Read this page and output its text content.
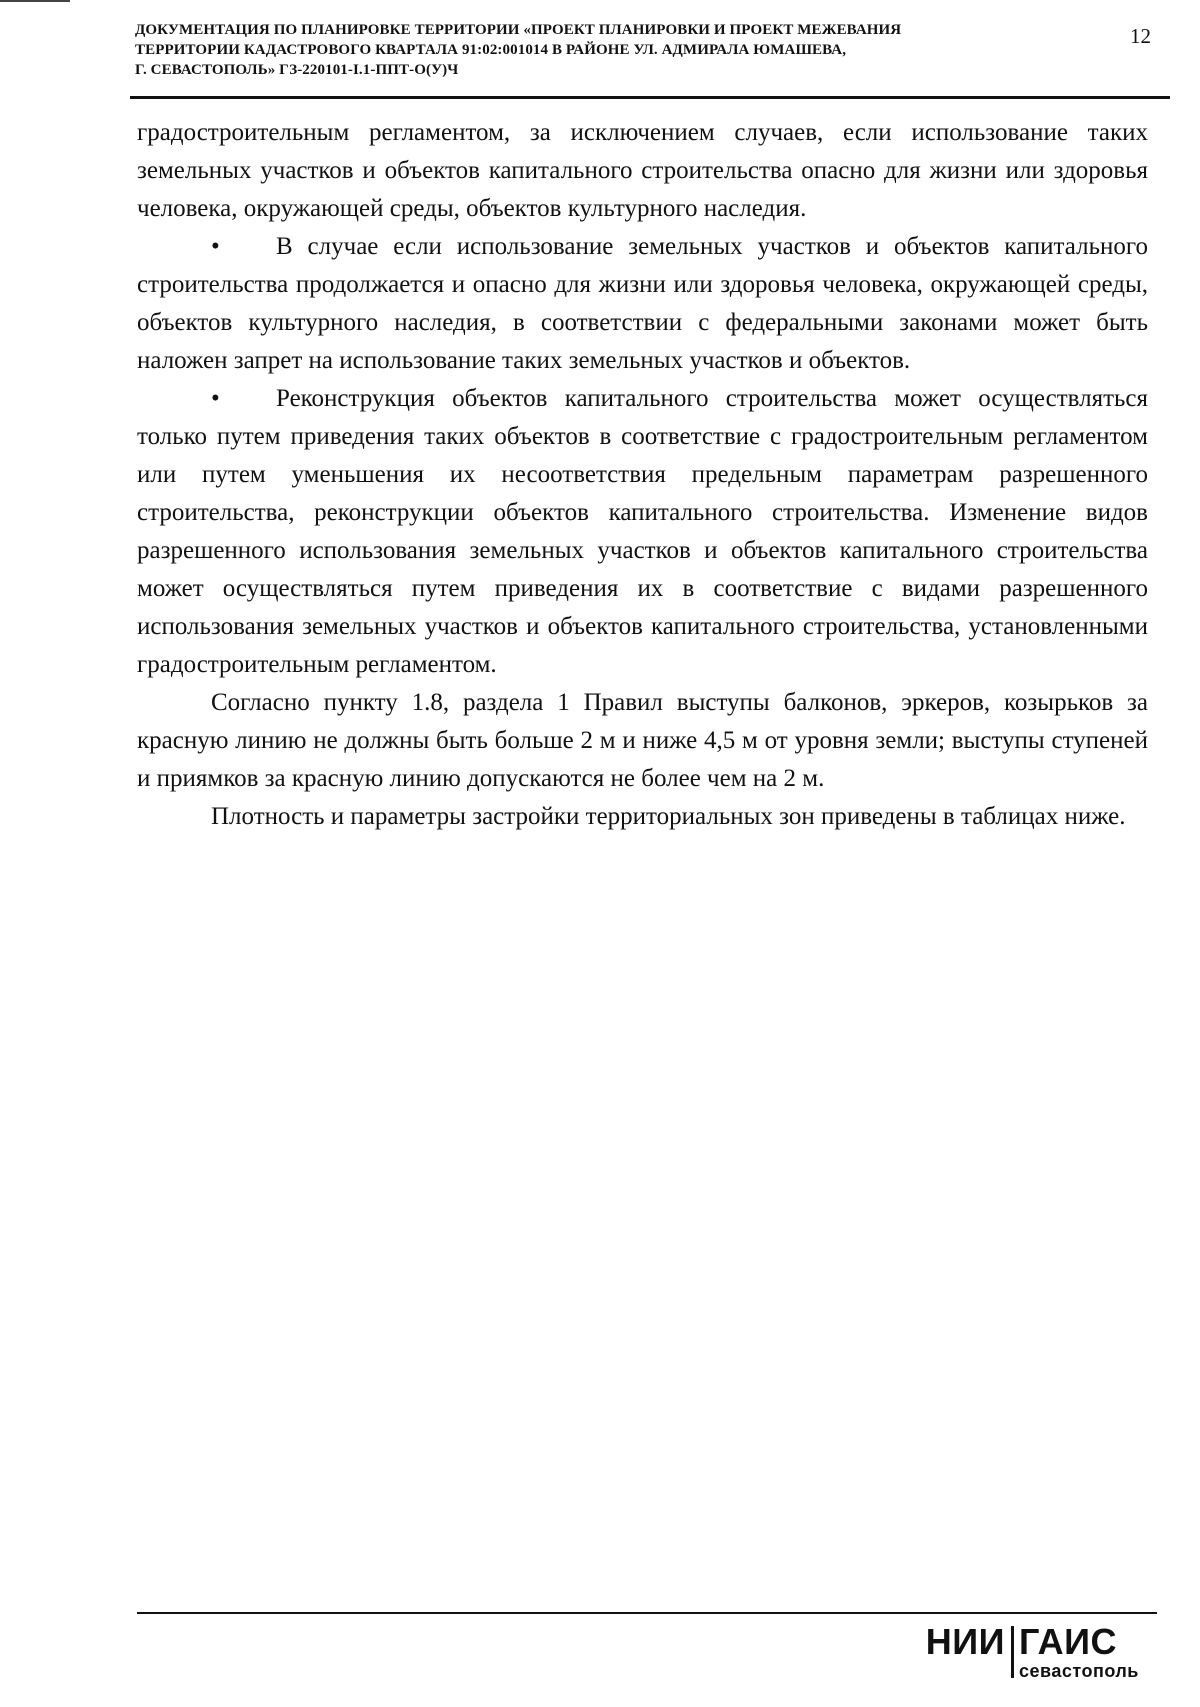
ДОКУМЕНТАЦИЯ ПО ПЛАНИРОВКЕ ТЕРРИТОРИИ «ПРОЕКТ ПЛАНИРОВКИ И ПРОЕКТ МЕЖЕВАНИЯ
ТЕРРИТОРИИ КАДАСТРОВОГО КВАРТАЛА 91:02:001014 В РАЙОНЕ УЛ. АДМИРАЛА ЮМАШЕВА,
Г. СЕВАСТОПОЛЬ» ГЗ-220101-I.1-ППТ-О(У)Ч
12

градостроительным регламентом, за исключением случаев, если использование таких земельных участков и объектов капитального строительства опасно для жизни или здоровья человека, окружающей среды, объектов культурного наследия.

• В случае если использование земельных участков и объектов капитального строительства продолжается и опасно для жизни или здоровья человека, окружающей среды, объектов культурного наследия, в соответствии с федеральными законами может быть наложен запрет на использование таких земельных участков и объектов.

• Реконструкция объектов капитального строительства может осуществляться только путем приведения таких объектов в соответствие с градостроительным регламентом или путем уменьшения их несоответствия предельным параметрам разрешенного строительства, реконструкции объектов капитального строительства. Изменение видов разрешенного использования земельных участков и объектов капитального строительства может осуществляться путем приведения их в соответствие с видами разрешенного использования земельных участков и объектов капитального строительства, установленными градостроительным регламентом.

Согласно пункту 1.8, раздела 1 Правил выступы балконов, эркеров, козырьков за красную линию не должны быть больше 2 м и ниже 4,5 м от уровня земли; выступы ступеней и приямков за красную линию допускаются не более чем на 2 м.

Плотность и параметры застройки территориальных зон приведены в таблицах ниже.

НИИ ГАИС
севастополь
